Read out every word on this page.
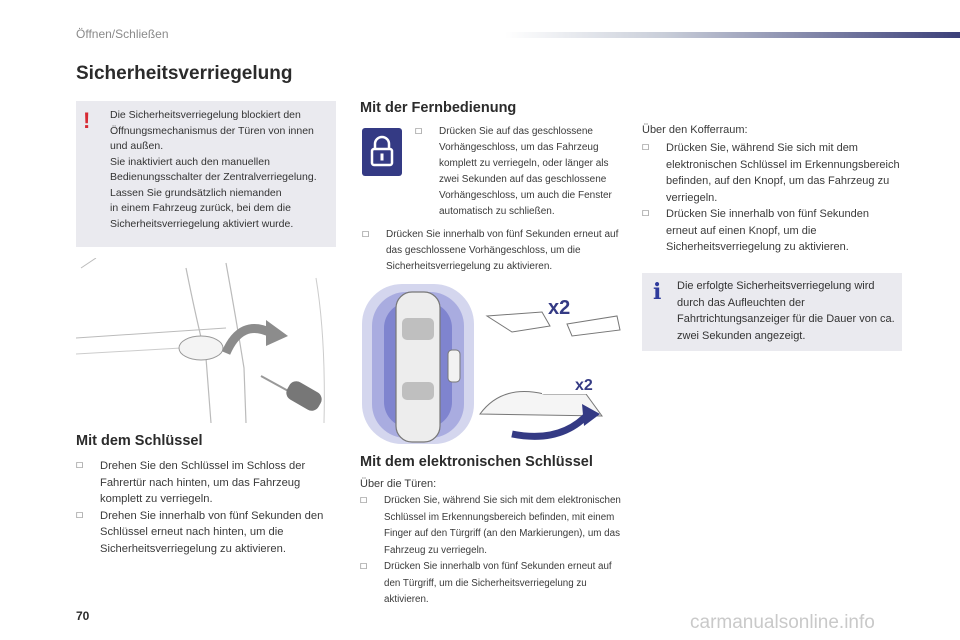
Öffnen/Schließen
Sicherheitsverriegelung
! Die Sicherheitsverriegelung blockiert den
Öffnungsmechanismus der Türen von innen
und außen.
Sie inaktiviert auch den manuellen
Bedienungsschalter der Zentralverriegelung.
Lassen Sie grundsätzlich niemanden
in einem Fahrzeug zurück, bei dem die
Sicherheitsverriegelung aktiviert wurde.
Mit dem Schlüssel
☐ Drehen Sie den Schlüssel im Schloss der Fahrertür nach hinten, um das Fahrzeug komplett zu verriegeln.
☐ Drehen Sie innerhalb von fünf Sekunden den Schlüssel erneut nach hinten, um die Sicherheitsverriegelung zu aktivieren.
Mit der Fernbedienung
☐ Drücken Sie auf das geschlossene Vorhängeschloss, um das Fahrzeug komplett zu verriegeln, oder länger als zwei Sekunden auf das geschlossene Vorhängeschloss, um auch die Fenster automatisch zu schließen.
☐ Drücken Sie innerhalb von fünf Sekunden erneut auf das geschlossene Vorhängeschloss, um die Sicherheitsverriegelung zu aktivieren.
x2
x2
Mit dem elektronischen Schlüssel
Über die Türen:
☐ Drücken Sie, während Sie sich mit dem elektronischen Schlüssel im Erkennungsbereich befinden, mit einem Finger auf den Türgriff (an den Markierungen), um das Fahrzeug zu verriegeln.
☐ Drücken Sie innerhalb von fünf Sekunden erneut auf den Türgriff, um die Sicherheitsverriegelung zu aktivieren.
Über den Kofferraum:
☐ Drücken Sie, während Sie sich mit dem elektronischen Schlüssel im Erkennungsbereich befinden, auf den Knopf, um das Fahrzeug zu verriegeln.
☐ Drücken Sie innerhalb von fünf Sekunden erneut auf einen Knopf, um die Sicherheitsverriegelung zu aktivieren.
i Die erfolgte Sicherheitsverriegelung wird durch das Aufleuchten der Fahrtrichtungsanzeiger für die Dauer von ca. zwei Sekunden angezeigt.
70	carmanualsonline.info
